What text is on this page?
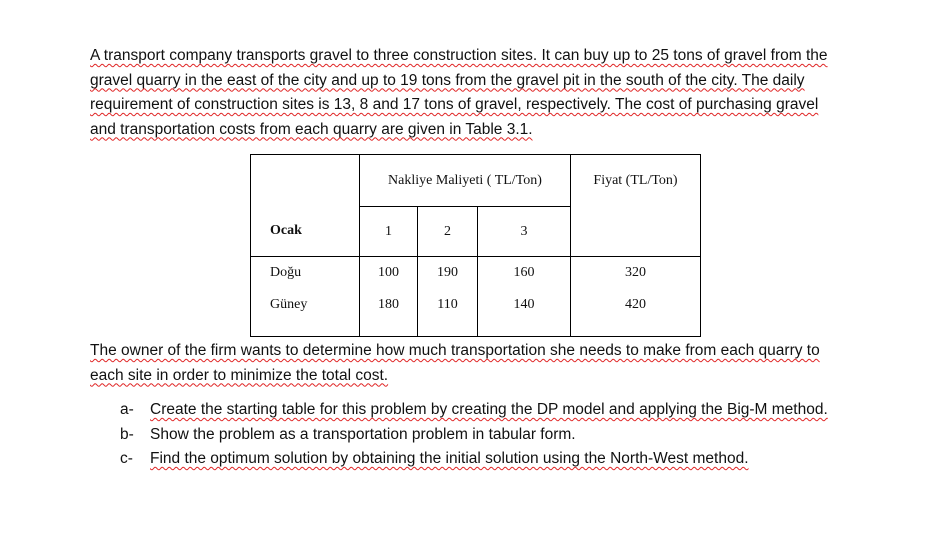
A transport company transports gravel to three construction sites. It can buy up to 25 tons of gravel from the gravel quarry in the east of the city and up to 19 tons from the gravel pit in the south of the city. The daily requirement of construction sites is 13, 8 and 17 tons of gravel, respectively. The cost of purchasing gravel and transportation costs from each quarry are given in Table 3.1.
	Nakliye Maliyeti ( TL/Ton)			Fiyat (TL/Ton)
Ocak	1	2	3	
Doğu	100	190	160	320
Güney	180	110	140	420
The owner of the firm wants to determine how much transportation she needs to make from each quarry to each site in order to minimize the total cost.
a- Create the starting table for this problem by creating the DP model and applying the Big-M method.
b- Show the problem as a transportation problem in tabular form.
c- Find the optimum solution by obtaining the initial solution using the North-West method.
